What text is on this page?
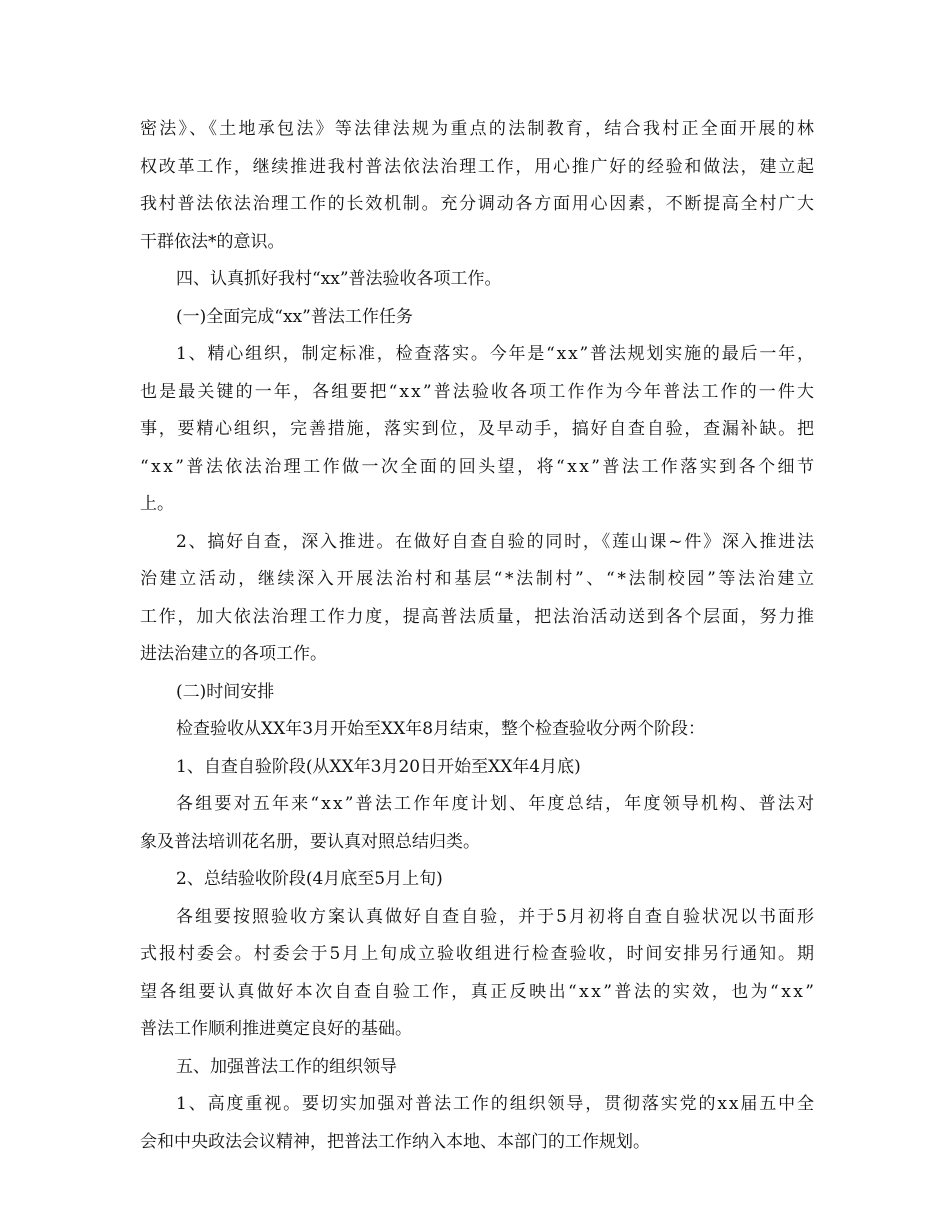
密法》、《土地承包法》等法律法规为重点的法制教育，结合我村正全面开展的林
权改革工作，继续推进我村普法依法治理工作，用心推广好的经验和做法，建立起
我村普法依法治理工作的长效机制。充分调动各方面用心因素，不断提高全村广大
干群依法*的意识。
四、认真抓好我村“xx”普法验收各项工作。
(一)全面完成“xx”普法工作任务
1、精心组织，制定标准，检查落实。今年是“xx”普法规划实施的最后一年，
也是最关键的一年，各组要把“xx”普法验收各项工作作为今年普法工作的一件大
事，要精心组织，完善措施，落实到位，及早动手，搞好自查自验，查漏补缺。把
“xx”普法依法治理工作做一次全面的回头望，将“xx”普法工作落实到各个细节
上。
2、搞好自查，深入推进。在做好自查自验的同时，《莲山课~件》深入推进法
治建立活动，继续深入开展法治村和基层“*法制村”、“*法制校园”等法治建立
工作，加大依法治理工作力度，提高普法质量，把法治活动送到各个层面，努力推
进法治建立的各项工作。
(二)时间安排
检查验收从XX年3月开始至XX年8月结束，整个检查验收分两个阶段：
1、自查自验阶段(从XX年3月20日开始至XX年4月底)
各组要对五年来“xx”普法工作年度计划、年度总结，年度领导机构、普法对
象及普法培训花名册，要认真对照总结归类。
2、总结验收阶段(4月底至5月上旬)
各组要按照验收方案认真做好自查自验，并于5月初将自查自验状况以书面形
式报村委会。村委会于5月上旬成立验收组进行检查验收，时间安排另行通知。期
望各组要认真做好本次自查自验工作，真正反映出“xx”普法的实效，也为“xx”
普法工作顺利推进奠定良好的基础。
五、加强普法工作的组织领导
1、高度重视。要切实加强对普法工作的组织领导，贯彻落实党的xx届五中全
会和中央政法会议精神，把普法工作纳入本地、本部门的工作规划。
